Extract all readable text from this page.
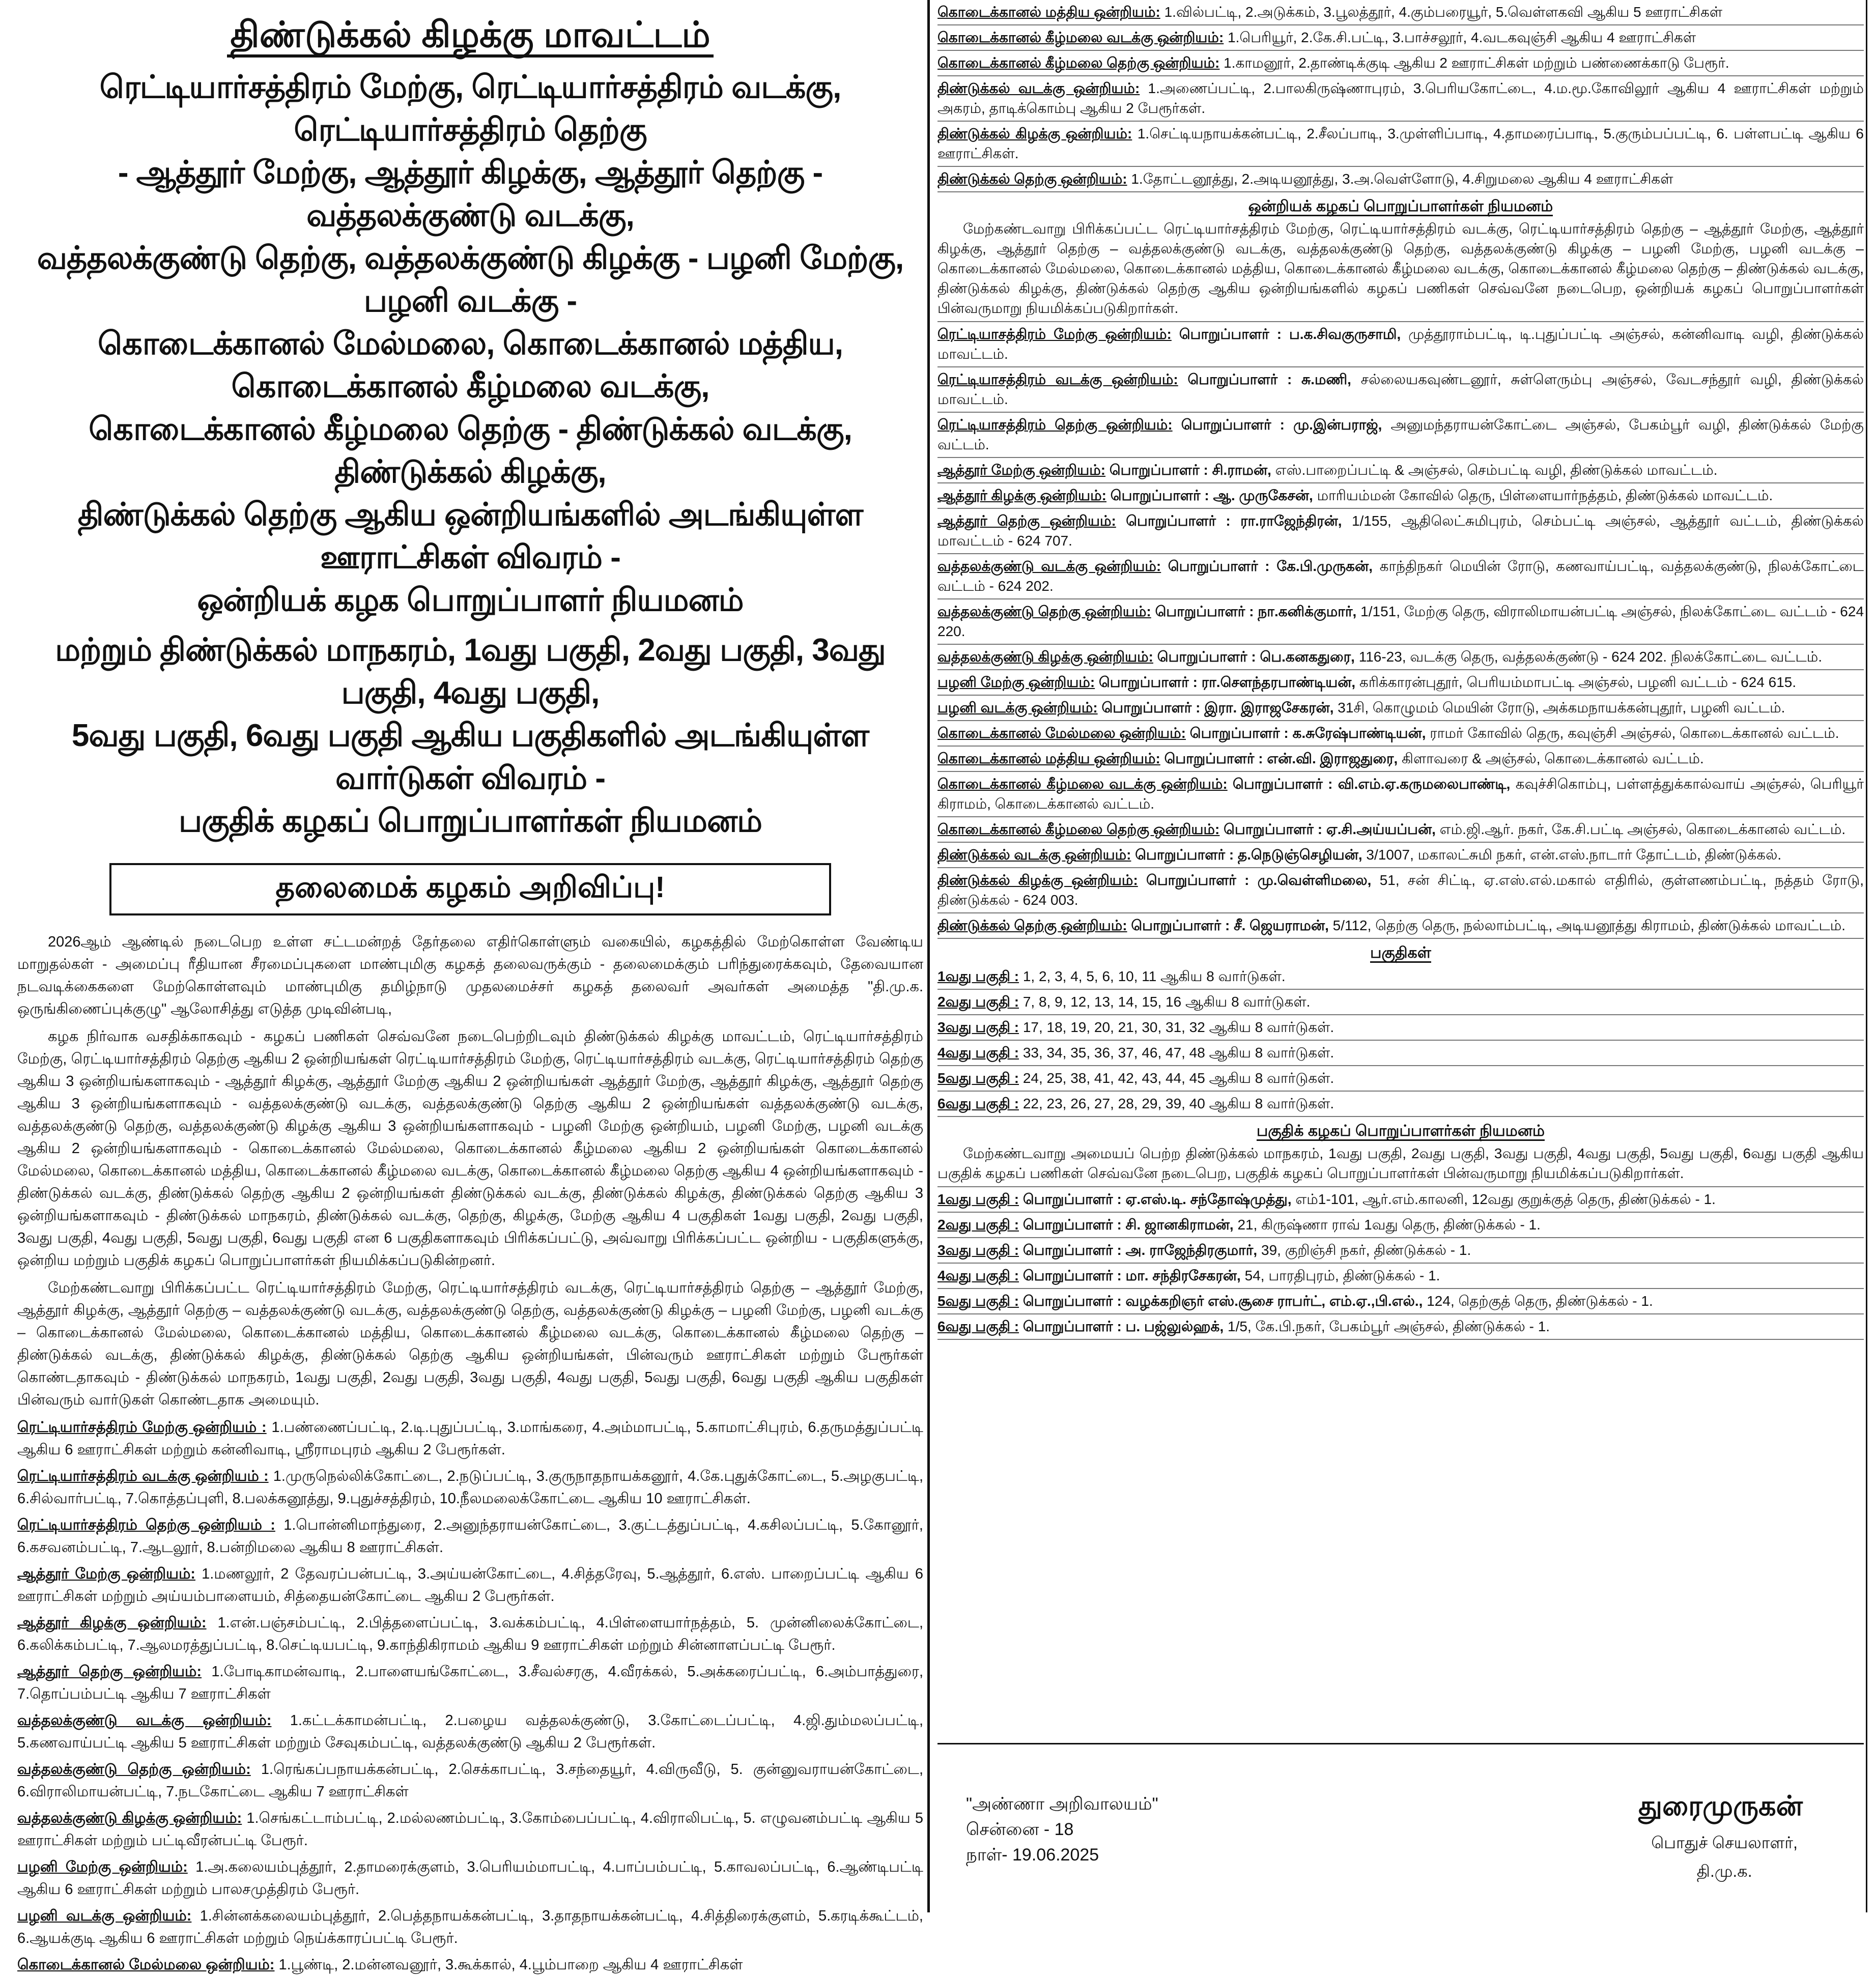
திண்டுக்கல் கிழக்கு மாவட்டம்

ரெட்டியார்சத்திரம் மேற்கு, ரெட்டியார்சத்திரம் வடக்கு, ரெட்டியார்சத்திரம் தெற்கு

- ஆத்தூர் மேற்கு, ஆத்தூர் கிழக்கு, ஆத்தூர் தெற்கு - வத்தலக்குண்டு வடக்கு,

வத்தலக்குண்டு தெற்கு, வத்தலக்குண்டு கிழக்கு - பழனி மேற்கு, பழனி வடக்கு -

கொடைக்கானல் மேல்மலை, கொடைக்கானல் மத்திய, கொடைக்கானல் கீழ்மலை வடக்கு,

கொடைக்கானல் கீழ்மலை தெற்கு - திண்டுக்கல் வடக்கு, திண்டுக்கல் கிழக்கு,

திண்டுக்கல் தெற்கு ஆகிய ஒன்றியங்களில் அடங்கியுள்ள ஊராட்சிகள் விவரம் -

ஒன்றியக் கழக பொறுப்பாளர் நியமனம்

மற்றும் திண்டுக்கல் மாநகரம், 1வது பகுதி, 2வது பகுதி, 3வது பகுதி, 4வது பகுதி,

5வது பகுதி, 6வது பகுதி ஆகிய பகுதிகளில் அடங்கியுள்ள வார்டுகள் விவரம் -

பகுதிக் கழகப் பொறுப்பாளர்கள் நியமனம்

தலைமைக் கழகம் அறிவிப்பு!

2026ஆம் ஆண்டில் நடைபெற உள்ள சட்டமன்றத் தேர்தலை எதிர்கொள்ளும் வகையில், கழகத்தில் மேற்கொள்ள வேண்டிய மாறுதல்கள் - அமைப்பு ரீதியான சீரமைப்புகளை மாண்புமிகு கழகத் தலைவருக்கும் - தலைமைக்கும் பரிந்துரைக்கவும், தேவையான நடவடிக்கைகளை மேற்கொள்ளவும் மாண்புமிகு தமிழ்நாடு முதலமைச்சர் கழகத் தலைவர் அவர்கள் அமைத்த "தி.மு.க. ஒருங்கிணைப்புக்குழு" ஆலோசித்து எடுத்த முடிவின்படி,

கழக நிர்வாக வசதிக்காகவும் - கழகப் பணிகள் செவ்வனே நடைபெற்றிடவும் திண்டுக்கல் கிழக்கு மாவட்டம், ரெட்டியார்சத்திரம் மேற்கு, ரெட்டியார்சத்திரம் தெற்கு ஆகிய 2 ஒன்றியங்கள் ரெட்டியார்சத்திரம் மேற்கு, ரெட்டியார்சத்திரம் வடக்கு, ரெட்டியார்சத்திரம் தெற்கு ஆகிய 3 ஒன்றியங்களாகவும் - ஆத்தூர் கிழக்கு, ஆத்தூர் மேற்கு ஆகிய 2 ஒன்றியங்கள் ஆத்தூர் மேற்கு, ஆத்தூர் கிழக்கு, ஆத்தூர் தெற்கு ஆகிய 3 ஒன்றியங்களாகவும் - வத்தலக்குண்டு வடக்கு, வத்தலக்குண்டு தெற்கு ஆகிய 2 ஒன்றியங்கள் வத்தலக்குண்டு வடக்கு, வத்தலக்குண்டு தெற்கு, வத்தலக்குண்டு கிழக்கு ஆகிய 3 ஒன்றியங்களாகவும் - பழனி மேற்கு ஒன்றியம், பழனி மேற்கு, பழனி வடக்கு ஆகிய 2 ஒன்றியங்களாகவும் - கொடைக்கானல் மேல்மலை, கொடைக்கானல் கீழ்மலை ஆகிய 2 ஒன்றியங்கள் கொடைக்கானல் மேல்மலை, கொடைக்கானல் மத்திய, கொடைக்கானல் கீழ்மலை வடக்கு, கொடைக்கானல் கீழ்மலை தெற்கு ஆகிய 4 ஒன்றியங்களாகவும் - திண்டுக்கல் வடக்கு, திண்டுக்கல் தெற்கு ஆகிய 2 ஒன்றியங்கள் திண்டுக்கல் வடக்கு, திண்டுக்கல் கிழக்கு, திண்டுக்கல் தெற்கு ஆகிய 3 ஒன்றியங்களாகவும் - திண்டுக்கல் மாநகரம், திண்டுக்கல் வடக்கு, தெற்கு, கிழக்கு, மேற்கு ஆகிய 4 பகுதிகள் 1வது பகுதி, 2வது பகுதி, 3வது பகுதி, 4வது பகுதி, 5வது பகுதி, 6வது பகுதி என 6 பகுதிகளாகவும் பிரிக்கப்பட்டு, அவ்வாறு பிரிக்கப்பட்ட ஒன்றிய - பகுதிகளுக்கு, ஒன்றிய மற்றும் பகுதிக் கழகப் பொறுப்பாளர்கள் நியமிக்கப்படுகின்றனர்.

மேற்கண்டவாறு பிரிக்கப்பட்ட ரெட்டியார்சத்திரம் மேற்கு, ரெட்டியார்சத்திரம் வடக்கு, ரெட்டியார்சத்திரம் தெற்கு – ஆத்தூர் மேற்கு, ஆத்தூர் கிழக்கு, ஆத்தூர் தெற்கு – வத்தலக்குண்டு வடக்கு, வத்தலக்குண்டு தெற்கு, வத்தலக்குண்டு கிழக்கு – பழனி மேற்கு, பழனி வடக்கு – கொடைக்கானல் மேல்மலை, கொடைக்கானல் மத்திய, கொடைக்கானல் கீழ்மலை வடக்கு, கொடைக்கானல் கீழ்மலை தெற்கு – திண்டுக்கல் வடக்கு, திண்டுக்கல் கிழக்கு, திண்டுக்கல் தெற்கு ஆகிய ஒன்றியங்கள், பின்வரும் ஊராட்சிகள் மற்றும் பேரூர்கள் கொண்டதாகவும் - திண்டுக்கல் மாநகரம், 1வது பகுதி, 2வது பகுதி, 3வது பகுதி, 4வது பகுதி, 5வது பகுதி, 6வது பகுதி ஆகிய பகுதிகள் பின்வரும் வார்டுகள் கொண்டதாக அமையும்.

ரெட்டியார்சத்திரம் மேற்கு ஒன்றியம் : 1.பண்ணைப்பட்டி, 2.டி.புதுப்பட்டி, 3.மாங்கரை, 4.அம்மாபட்டி, 5.காமாட்சிபுரம், 6.தருமத்துப்பட்டி ஆகிய 6 ஊராட்சிகள் மற்றும் கன்னிவாடி, ஸ்ரீராமபுரம் ஆகிய 2 பேரூர்கள்.

ரெட்டியார்சத்திரம் வடக்கு ஒன்றியம் : 1.முருநெல்லிக்கோட்டை, 2.நடுப்பட்டி, 3.குருநாதநாயக்கனூர், 4.கே.புதுக்கோட்டை, 5.அழகுபட்டி, 6.சில்வார்பட்டி, 7.கொத்தப்புளி, 8.பலக்கனூத்து, 9.புதுச்சத்திரம், 10.நீலமலைக்கோட்டை ஆகிய 10 ஊராட்சிகள்.

ரெட்டியார்சத்திரம் தெற்கு ஒன்றியம் : 1.பொன்னிமாந்துரை, 2.அனுந்தராயன்கோட்டை, 3.குட்டத்துப்பட்டி, 4.கசிலப்பட்டி, 5.கோனூர், 6.கசவனம்பட்டி, 7.ஆடலூர், 8.பன்றிமலை ஆகிய 8 ஊராட்சிகள்.

ஆத்தூர் மேற்கு ஒன்றியம்: 1.மணலூர், 2 தேவரப்பன்பட்டி, 3.அய்யன்கோட்டை, 4.சித்தரேவு, 5.ஆத்தூர், 6.எஸ். பாறைப்பட்டி ஆகிய 6 ஊராட்சிகள் மற்றும் அய்யம்பாளையம், சித்தையன்கோட்டை ஆகிய 2 பேரூர்கள்.

ஆத்தூர் கிழக்கு ஒன்றியம்: 1.என்.பஞ்சம்பட்டி, 2.பித்தளைப்பட்டி, 3.வக்கம்பட்டி, 4.பிள்ளையார்நத்தம், 5. முன்னிலைக்கோட்டை, 6.கலிக்கம்பட்டி, 7.ஆலமரத்துப்பட்டி, 8.செட்டியபட்டி, 9.காந்திகிராமம் ஆகிய 9 ஊராட்சிகள் மற்றும் சின்னாளப்பட்டி பேரூர்.

ஆத்தூர் தெற்கு ஒன்றியம்: 1.போடிகாமன்வாடி, 2.பாளையங்கோட்டை, 3.சீவல்சரகு, 4.வீரக்கல், 5.அக்கரைப்பட்டி, 6.அம்பாத்துரை, 7.தொப்பம்பட்டி ஆகிய 7 ஊராட்சிகள்

வத்தலக்குண்டு வடக்கு ஒன்றியம்: 1.கட்டக்காமன்பட்டி, 2.பழைய வத்தலக்குண்டு, 3.கோட்டைப்பட்டி, 4.ஜி.தும்மலப்பட்டி, 5.கணவாய்பட்டி ஆகிய 5 ஊராட்சிகள் மற்றும் சேவுகம்பட்டி, வத்தலக்குண்டு ஆகிய 2 பேரூர்கள்.

வத்தலக்குண்டு தெற்கு ஒன்றியம்: 1.ரெங்கப்பநாயக்கன்பட்டி, 2.செக்காபட்டி, 3.சந்தையூர், 4.விருவீடு, 5. குன்னுவராயன்கோட்டை, 6.விராலிமாயன்பட்டி, 7.நடகோட்டை ஆகிய 7 ஊராட்சிகள்

வத்தலக்குண்டு கிழக்கு ஒன்றியம்: 1.செங்கட்டாம்பட்டி, 2.மல்லணம்பட்டி, 3.கோம்பைப்பட்டி, 4.விராலிபட்டி, 5. எழுவனம்பட்டி ஆகிய 5 ஊராட்சிகள் மற்றும் பட்டிவீரன்பட்டி பேரூர்.

பழனி மேற்கு ஒன்றியம்: 1.அ.கலையம்புத்தூர், 2.தாமரைக்குளம், 3.பெரியம்மாபட்டி, 4.பாப்பம்பட்டி, 5.காவலப்பட்டி, 6.ஆண்டிபட்டி ஆகிய 6 ஊராட்சிகள் மற்றும் பாலசமுத்திரம் பேரூர்.

பழனி வடக்கு ஒன்றியம்: 1.சின்னக்கலையம்புத்தூர், 2.பெத்தநாயக்கன்பட்டி, 3.தாதநாயக்கன்பட்டி, 4.சித்திரைக்குளம், 5.கரடிக்கூட்டம், 6.ஆயக்குடி ஆகிய 6 ஊராட்சிகள் மற்றும் நெய்க்காரப்பட்டி பேரூர்.

கொடைக்கானல் மேல்மலை ஒன்றியம்: 1.பூண்டி, 2.மன்னவனூர், 3.கூக்கால், 4.பூம்பாறை ஆகிய 4 ஊராட்சிகள்

கொடைக்கானல் மத்திய ஒன்றியம்: 1.வில்பட்டி, 2.அடுக்கம், 3.பூலத்தூர், 4.கும்பரையூர், 5.வெள்ளகவி ஆகிய 5 ஊராட்சிகள்

கொடைக்கானல் கீழ்மலை வடக்கு ஒன்றியம்: 1.பெரியூர், 2.கே.சி.பட்டி, 3.பாச்சலூர், 4.வடகவுஞ்சி ஆகிய 4 ஊராட்சிகள்

கொடைக்கானல் கீழ்மலை தெற்கு ஒன்றியம்: 1.காமனூர், 2.தாண்டிக்குடி ஆகிய 2 ஊராட்சிகள் மற்றும் பண்ணைக்காடு பேரூர்.

திண்டுக்கல் வடக்கு ஒன்றியம்: 1.அணைப்பட்டி, 2.பாலகிருஷ்ணாபுரம், 3.பெரியகோட்டை, 4.ம.மூ.கோவிலூர் ஆகிய 4 ஊராட்சிகள் மற்றும் அகரம், தாடிக்கொம்பு ஆகிய 2 பேரூர்கள்.

திண்டுக்கல் கிழக்கு ஒன்றியம்: 1.செட்டியநாயக்கன்பட்டி, 2.சீலப்பாடி, 3.முள்ளிப்பாடி, 4.தாமரைப்பாடி, 5.குரும்பப்பட்டி, 6. பள்ளபட்டி ஆகிய 6 ஊராட்சிகள்.

திண்டுக்கல் தெற்கு ஒன்றியம்: 1.தோட்டனூத்து, 2.அடியனூத்து, 3.அ.வெள்ளோடு, 4.சிறுமலை ஆகிய 4 ஊராட்சிகள்

ஒன்றியக் கழகப் பொறுப்பாளர்கள் நியமனம்

மேற்கண்டவாறு பிரிக்கப்பட்ட ரெட்டியார்சத்திரம் மேற்கு, ரெட்டியார்சத்திரம் வடக்கு, ரெட்டியார்சத்திரம் தெற்கு – ஆத்தூர் மேற்கு, ஆத்தூர் கிழக்கு, ஆத்தூர் தெற்கு – வத்தலக்குண்டு வடக்கு, வத்தலக்குண்டு தெற்கு, வத்தலக்குண்டு கிழக்கு – பழனி மேற்கு, பழனி வடக்கு – கொடைக்கானல் மேல்மலை, கொடைக்கானல் மத்திய, கொடைக்கானல் கீழ்மலை வடக்கு, கொடைக்கானல் கீழ்மலை தெற்கு – திண்டுக்கல் வடக்கு, திண்டுக்கல் கிழக்கு, திண்டுக்கல் தெற்கு ஆகிய ஒன்றியங்களில் கழகப் பணிகள் செவ்வனே நடைபெற, ஒன்றியக் கழகப் பொறுப்பாளர்கள் பின்வருமாறு நியமிக்கப்படுகிறார்கள்.

ரெட்டியாசத்திரம் மேற்கு ஒன்றியம்: பொறுப்பாளர் : ப.க.சிவகுருசாமி, முத்தூராம்பட்டி, டி.புதுப்பட்டி அஞ்சல், கன்னிவாடி வழி, திண்டுக்கல் மாவட்டம்.

ரெட்டியாசத்திரம் வடக்கு ஒன்றியம்: பொறுப்பாளர் : சு.மணி, சல்லையகவுண்டனூர், சுள்ளெரும்பு அஞ்சல், வேடசந்தூர் வழி, திண்டுக்கல் மாவட்டம்.

ரெட்டியாசத்திரம் தெற்கு ஒன்றியம்: பொறுப்பாளர் : மு.இன்பராஜ், அனுமந்தராயன்கோட்டை அஞ்சல், பேகம்பூர் வழி, திண்டுக்கல் மேற்கு வட்டம்.

ஆத்தூர் மேற்கு ஒன்றியம்: பொறுப்பாளர் : சி.ராமன், எஸ்.பாறைப்பட்டி & அஞ்சல், செம்பட்டி வழி, திண்டுக்கல் மாவட்டம்.

ஆத்தூர் கிழக்கு ஒன்றியம்: பொறுப்பாளர் : ஆ. முருகேசன், மாரியம்மன் கோவில் தெரு, பிள்ளையார்நத்தம், திண்டுக்கல் மாவட்டம்.

ஆத்தூர் தெற்கு ஒன்றியம்: பொறுப்பாளர் : ரா.ராஜேந்திரன், 1/155, ஆதிலெட்சுமிபுரம், செம்பட்டி அஞ்சல், ஆத்தூர் வட்டம், திண்டுக்கல் மாவட்டம் - 624 707.

வத்தலக்குண்டு வடக்கு ஒன்றியம்: பொறுப்பாளர் : கே.பி.முருகன், காந்திநகர் மெயின் ரோடு, கணவாய்பட்டி, வத்தலக்குண்டு, நிலக்கோட்டை வட்டம் - 624 202.

வத்தலக்குண்டு தெற்கு ஒன்றியம்: பொறுப்பாளர் : நா.கனிக்குமார், 1/151, மேற்கு தெரு, விராலிமாயன்பட்டி அஞ்சல், நிலக்கோட்டை வட்டம் - 624 220.

வத்தலக்குண்டு கிழக்கு ஒன்றியம்: பொறுப்பாளர் : பெ.கனகதுரை, 116-23, வடக்கு தெரு, வத்தலக்குண்டு - 624 202. நிலக்கோட்டை வட்டம்.

பழனி மேற்கு ஒன்றியம்: பொறுப்பாளர் : ரா.சௌந்தரபாண்டியன், கரிக்காரன்புதூர், பெரியம்மாபட்டி அஞ்சல், பழனி வட்டம் - 624 615.

பழனி வடக்கு ஒன்றியம்: பொறுப்பாளர் : இரா. இராஜசேகரன், 31சி, கொழுமம் மெயின் ரோடு, அக்கமநாயக்கன்புதூர், பழனி வட்டம்.

கொடைக்கானல் மேல்மலை ஒன்றியம்: பொறுப்பாளர் : க.சுரேஷ்பாண்டியன், ராமர் கோவில் தெரு, கவுஞ்சி அஞ்சல், கொடைக்கானல் வட்டம்.

கொடைக்கானல் மத்திய ஒன்றியம்: பொறுப்பாளர் : என்.வி. இராஜதுரை, கிளாவரை & அஞ்சல், கொடைக்கானல் வட்டம்.

கொடைக்கானல் கீழ்மலை வடக்கு ஒன்றியம்: பொறுப்பாளர் : வி.எம்.ஏ.கருமலைபாண்டி, கவுச்சிகொம்பு, பள்ளத்துக்கால்வாய் அஞ்சல், பெரியூர் கிராமம், கொடைக்கானல் வட்டம்.

கொடைக்கானல் கீழ்மலை தெற்கு ஒன்றியம்: பொறுப்பாளர் : ஏ.சி.அய்யப்பன், எம்.ஜி.ஆர். நகர், கே.சி.பட்டி அஞ்சல், கொடைக்கானல் வட்டம்.

திண்டுக்கல் வடக்கு ஒன்றியம்: பொறுப்பாளர் : த.நெடுஞ்செழியன், 3/1007, மகாலட்சுமி நகர், என்.எஸ்.நாடார் தோட்டம், திண்டுக்கல்.

திண்டுக்கல் கிழக்கு ஒன்றியம்: பொறுப்பாளர் : மு.வெள்ளிமலை, 51, சன் சிட்டி, ஏ.எஸ்.எல்.மகால் எதிரில், குள்ளணம்பட்டி, நத்தம் ரோடு, திண்டுக்கல் - 624 003.

திண்டுக்கல் தெற்கு ஒன்றியம்: பொறுப்பாளர் : சீ. ஜெயராமன், 5/112, தெற்கு தெரு, நல்லாம்பட்டி, அடியனூத்து கிராமம், திண்டுக்கல் மாவட்டம்.

பகுதிகள்

1வது பகுதி : 1, 2, 3, 4, 5, 6, 10, 11 ஆகிய 8 வார்டுகள்.

2வது பகுதி : 7, 8, 9, 12, 13, 14, 15, 16 ஆகிய 8 வார்டுகள்.

3வது பகுதி : 17, 18, 19, 20, 21, 30, 31, 32 ஆகிய 8 வார்டுகள்.

4வது பகுதி : 33, 34, 35, 36, 37, 46, 47, 48 ஆகிய 8 வார்டுகள்.

5வது பகுதி : 24, 25, 38, 41, 42, 43, 44, 45 ஆகிய 8 வார்டுகள்.

6வது பகுதி : 22, 23, 26, 27, 28, 29, 39, 40 ஆகிய 8 வார்டுகள்.

பகுதிக் கழகப் பொறுப்பாளர்கள் நியமனம்

மேற்கண்டவாறு அமையப் பெற்ற திண்டுக்கல் மாநகரம், 1வது பகுதி, 2வது பகுதி, 3வது பகுதி, 4வது பகுதி, 5வது பகுதி, 6வது பகுதி ஆகிய பகுதிக் கழகப் பணிகள் செவ்வனே நடைபெற, பகுதிக் கழகப் பொறுப்பாளர்கள் பின்வருமாறு நியமிக்கப்படுகிறார்கள்.

1வது பகுதி : பொறுப்பாளர் : ஏ.எஸ்.டி. சந்தோஷ்முத்து, எம்1-101, ஆர்.எம்.காலனி, 12வது குறுக்குத் தெரு, திண்டுக்கல் - 1.

2வது பகுதி : பொறுப்பாளர் : சி. ஜானகிராமன், 21, கிருஷ்ணா ராவ் 1வது தெரு, திண்டுக்கல் - 1.

3வது பகுதி : பொறுப்பாளர் : அ. ராஜேந்திரகுமார், 39, குறிஞ்சி நகர், திண்டுக்கல் - 1.

4வது பகுதி : பொறுப்பாளர் : மா. சந்திரசேகரன், 54, பாரதிபுரம், திண்டுக்கல் - 1.

5வது பகுதி : பொறுப்பாளர் : வழக்கறிஞர் எஸ்.சூசை ராபர்ட், எம்.ஏ.,பி.எல்., 124, தெற்குத் தெரு, திண்டுக்கல் - 1.

6வது பகுதி : பொறுப்பாளர் : ப. பஜ்லுல்ஹக், 1/5, கே.பி.நகர், பேகம்பூர் அஞ்சல், திண்டுக்கல் - 1.

"அண்ணா அறிவாலயம்"
சென்னை - 18
நாள்- 19.06.2025
துரைமுருகன்
பொதுச் செயலாளர்,
தி.மு.க.
